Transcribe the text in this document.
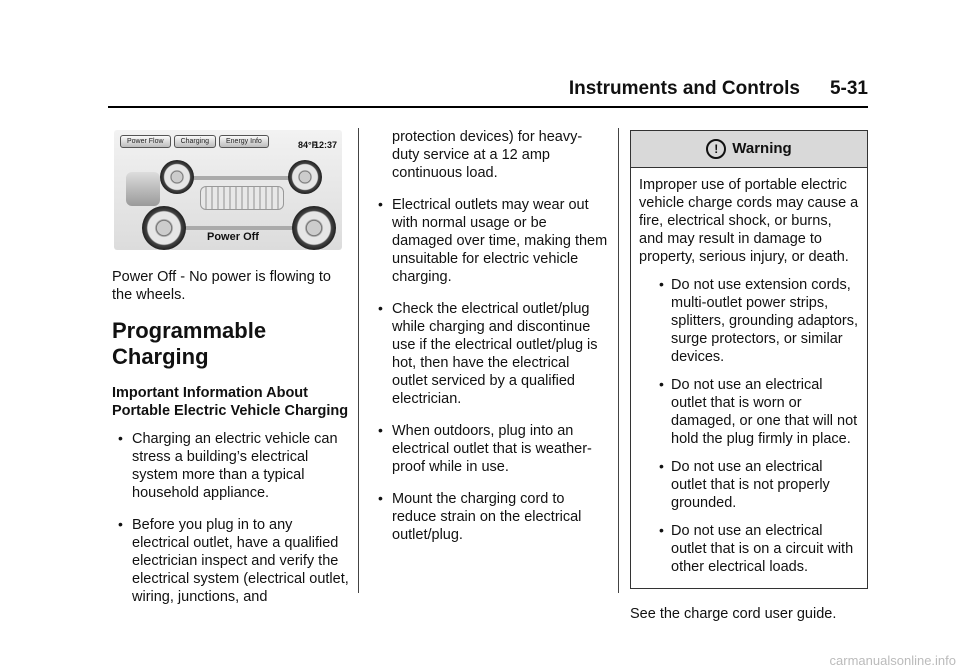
Instruments and Controls 5-31
Power Flow	Charging	Energy Info	84°F
12:37
Power Off

Power Off - No power is flowing to the wheels.

Programmable Charging
Important Information About Portable Electric Vehicle Charging
• Charging an electric vehicle can stress a building’s electrical system more than a typical household appliance.
• Before you plug in to any electrical outlet, have a qualified electrician inspect and verify the electrical system (electrical outlet, wiring, junctions, and

protection devices) for heavy-duty service at a 12 amp continuous load.

• Electrical outlets may wear out with normal usage or be damaged over time, making them unsuitable for electric vehicle charging.
• Check the electrical outlet/plug while charging and discontinue use if the electrical outlet/plug is hot, then have the electrical outlet serviced by a qualified electrician.
• When outdoors, plug into an electrical outlet that is weather-proof while in use.
• Mount the charging cord to reduce strain on the electrical outlet/plug.
! Warning

Improper use of portable electric vehicle charge cords may cause a fire, electrical shock, or burns, and may result in damage to property, serious injury, or death.

• Do not use extension cords, multi-outlet power strips, splitters, grounding adaptors, surge protectors, or similar devices.
• Do not use an electrical outlet that is worn or damaged, or one that will not hold the plug firmly in place.
• Do not use an electrical outlet that is not properly grounded.
• Do not use an electrical outlet that is on a circuit with other electrical loads.

See the charge cord user guide.

carmanualsonline.info
